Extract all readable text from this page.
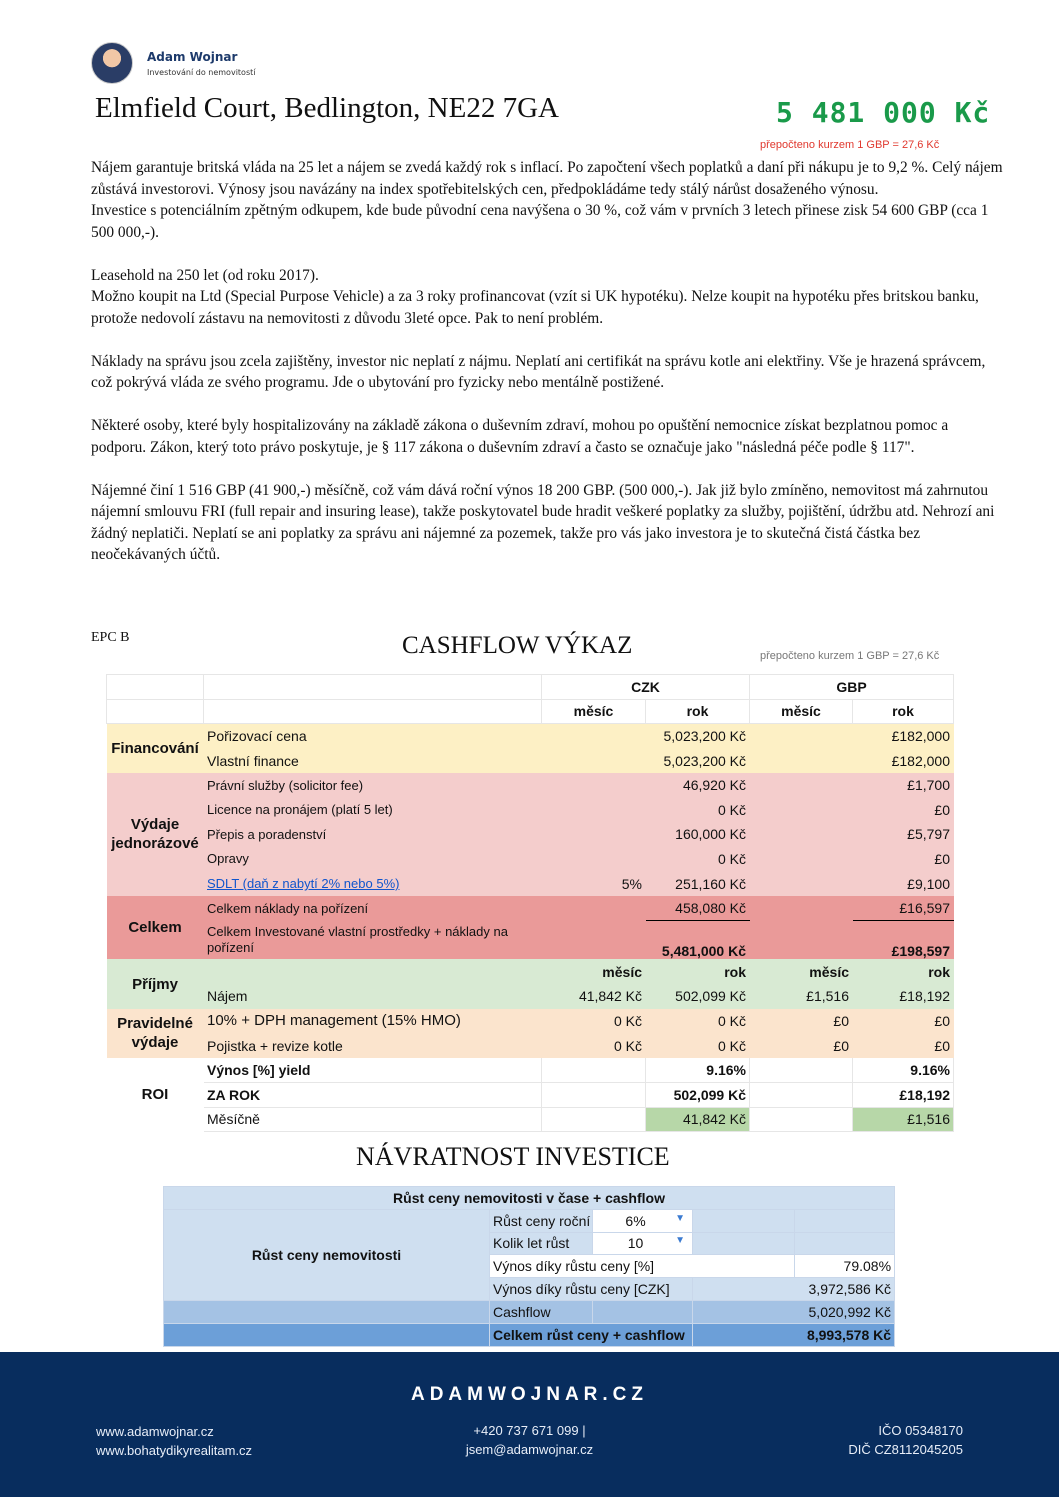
Adam Wojnar
Investování do nemovitostí
Elmfield Court, Bedlington, NE22 7GA	5 481 000 Kč
přepočteno kurzem 1 GBP = 27,6 Kč

Nájem garantuje britská vláda na 25 let a nájem se zvedá každý rok s inflací. Po započtení všech poplatků a daní při nákupu je to 9,2 %. Celý nájem zůstává investorovi. Výnosy jsou navázány na index spotřebitelských cen, předpokládáme tedy stálý nárůst dosaženého výnosu.

Investice s potenciálním zpětným odkupem, kde bude původní cena navýšena o 30 %, což vám v prvních 3 letech přinese zisk 54 600 GBP (cca 1 500 000,-).

Leasehold na 250 let (od roku 2017).

Možno koupit na Ltd (Special Purpose Vehicle) a za 3 roky profinancovat (vzít si UK hypotéku). Nelze koupit na hypotéku přes britskou banku, protože nedovolí zástavu na nemovitosti z důvodu 3leté opce. Pak to není problém.

Náklady na správu jsou zcela zajištěny, investor nic neplatí z nájmu. Neplatí ani certifikát na správu kotle ani elektřiny. Vše je hrazená správcem, což pokrývá vláda ze svého programu. Jde o ubytování pro fyzicky nebo mentálně postižené.

Některé osoby, které byly hospitalizovány na základě zákona o duševním zdraví, mohou po opuštění nemocnice získat bezplatnou pomoc a podporu. Zákon, který toto právo poskytuje, je § 117 zákona o duševním zdraví a často se označuje jako "následná péče podle § 117".

Nájemné činí 1 516 GBP (41 900,-) měsíčně, což vám dává roční výnos 18 200 GBP. (500 000,-). Jak již bylo zmíněno, nemovitost má zahrnutou nájemní smlouvu FRI (full repair and insuring lease), takže poskytovatel bude hradit veškeré poplatky za služby, pojištění, údržbu atd. Nehrozí ani žádný neplatiči. Neplatí se ani poplatky za správu ani nájemné za pozemek, takže pro vás jako investora je to skutečná čistá částka bez neočekávaných účtů.

EPC B	CASHFLOW VÝKAZ	přepočteno kurzem 1 GBP = 27,6 Kč
		CZK		GBP	
		měsíc	rok	měsíc	rok
Financování	Pořizovací cena		5,023,200 Kč		£182,000
	Vlastní finance		5,023,200 Kč		£182,000
Výdaje jednorázové	Právní služby (solicitor fee)		46,920 Kč		£1,700
	Licence na pronájem (platí 5 let)		0 Kč		£0
	Přepis a poradenství		160,000 Kč		£5,797
	Opravy		0 Kč		£0
	SDLT (daň z nabytí 2% nebo 5%)	5%	251,160 Kč		£9,100
Celkem	Celkem náklady na pořízení		458,080 Kč		£16,597
	Celkem Investované vlastní prostředky + náklady na pořízení		5,481,000 Kč		£198,597
Příjmy		měsíc	rok	měsíc	rok
	Nájem	41,842 Kč	502,099 Kč	£1,516	£18,192
Pravidelné výdaje	10% + DPH management (15% HMO)	0 Kč	0 Kč	£0	£0
	Pojistka + revize kotle	0 Kč	0 Kč	£0	£0
ROI	Výnos [%] yield		9.16%		9.16%
	ZA ROK		502,099 Kč		£18,192
	Měsíčně		41,842 Kč		£1,516
NÁVRATNOST INVESTICE
Růst ceny nemovitosti v čase + cashflow				
Růst ceny nemovitosti	Růst ceny roční	6% ▼		

	Kolik let růst	10 ▼		

	Výnos díky růstu ceny [%]			79.08%
	Výnos díky růstu ceny [CZK]		3,972,586 Kč	
	Cashflow		5,020,992 Kč	
	Celkem růst ceny + cashflow		8,993,578 Kč	
ADAMWOJNAR.CZ
www.adamwojnar.cz
www.bohatydikyrealitam.cz
+420 737 671 099 |
jsem@adamwojnar.cz
IČO 05348170
DIČ CZ8112045205
